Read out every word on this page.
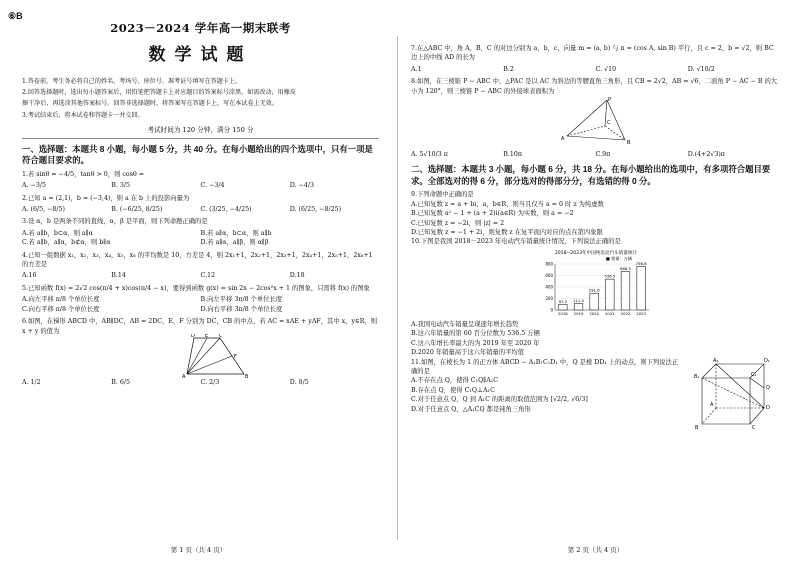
⑥B
2023－2024 学年高一期末联考
数学试题
1.答卷前，考生务必将自己的姓名、考场号、座位号、准考证号填写在答题卡上。
2.回答选择题时，选出每小题答案后，用铅笔把答题卡上对应题目的答案标号涂黑，如需改动，用橡皮
擦干净后，再选涂其他答案标号。回答非选择题时，将答案写在答题卡上，写在本试卷上无效。
3.考试结束后，将本试卷和答题卡一并交回。
考试时间为 120 分钟，满分 150 分
一、选择题：本题共 8 小题，每小题 5 分，共 40 分。在每小题给出的四个选项中，只有一项是符合题目要求的。
1.若 sinθ = −4/5，tanθ > 0，则 cosθ =
A. −3/5	B. 3/5	C. −3/4	D. −4/3
2.已知 a = (2,1)，b = (−3,4)，则 a 在 b 上的投影向量为
A. (6/5, −8/5)	B. (−6/25, 8/25)	C. (3/25, −4/25)	D. (6/25, −8/25)
3.设 α，b 是两条不同的直线，α，β 是平面，则下列命题正确的是
A.若 a∥b，b⊂α，则 a∥α	B.若 a∥α，b⊂α，则 a∥b
C.若 a∥b，a∥α，b⊄α，则 b∥α	D.若 a∥α，a∥β，则 α∥β
4.已知一组数据 x₁，x₂，x₃，x₄，x₅，x₆ 的平均数是 10，方差是 4，则 2x₁+1，2x₂+1，2x₃+1，2x₄+1，2x₅+1，2x₆+1 的方差是
A.16	B.14	C.12	D.18
5.已知函数 f(x) = 2√2 cos(π/4 + x)cos(π/4 − x)，要得到函数 g(x) = sin 2x − 2cos²x + 1 的图象，只需将 f(x) 的图象
A.向左平移 π/8 个单位长度	B.向左平移 3π/8 个单位长度
C.向右平移 π/8 个单位长度	D.向右平移 3π/8 个单位长度
6.如图，在梯形 ABCD 中，AB∥DC，AB = 2DC，E，F 分别为 DC，CB 的中点，若 AC = xAE + yAF，其中 x，y∈R，则 x + y 的值为
D E C
F
A	B
A. 1/2	B. 6/5	C. 2/3	D. 8/5
第 1 页（共 4 页）
7.在△ABC 中，角 A，B，C 的对边分别为 a，b，c，向量 m = (a, b) 与 n = (cos A, sin B) 平行，且 c = 2，b = √2，则 BC 边上的中线 AD 的长为
A.1	B.2	C. √10	D. √10/2
8.如图，在三棱锥 P − ABC 中，△PAC 是以 AC 为斜边的等腰直角三角形，且 CB = 2√2，AB = √6，二面角 P − AC − B 的大小为 120°，则三棱锥 P − ABC 的外接球表面积为
P
A
B
C
A. 5√10/3 π	B.10π	C.9π	D.(4+2√3)π
二、选择题：本题共 3 小题，每小题 6 分，共 18 分。在每小题给出的选项中，有多项符合题目要求。全部选对的得 6 分，部分选对的得部分分，有选错的得 0 分。
9.下列命题中正确的是
A.已知复数 z = a + bi，a，b∈R，则当且仅当 a = 0 时 z 为纯虚数
B.已知复数 a² − 1 + (a + 2)i(a∈R) 为实数，则 a = −2
C.已知复数 z = −2i，则 |z| = 2
D.已知复数 z = −1 + 2i，则复数 z 在复平面内对应的点在第四象限
10.下图是我国 2018－2023 年电动汽车销量统计情况，下列说法正确的是
2018−2023年中国纯电动汽车销量统计
■ 销量：万辆
0
200
400
600
800
97.2
2018
111.5
2019
291.6
2020
536.5
2021
668.5
2022
756.8
2023
A.我国电动汽车销量呈现逐年增长趋势
B.这六年销量的第 60 百分位数为 536.5 万辆
C.这六年增长率最大的为 2019 年至 2020 年
D.2020 年销量高于这六年销量的平均值
11.如图，在棱长为 1 的正方体 ABCD − A₁B₁C₁D₁ 中，Q 是棱 DD₁ 上的动点，则下列说法正确的是
A.不存在点 Q，使得 C₁Q∥A₁C
B.存在点 Q，使得 C₁Q⊥A₁C
C.对于任意点 Q，Q 到 A₁C 的距离的取值范围为 [√2/2, √6/3]
D.对于任意点 Q，△A₁CQ 都是钝角三角形
A₁	D₁
B₁	C₁
Q
D
A
B	C
第 2 页（共 4 页）
